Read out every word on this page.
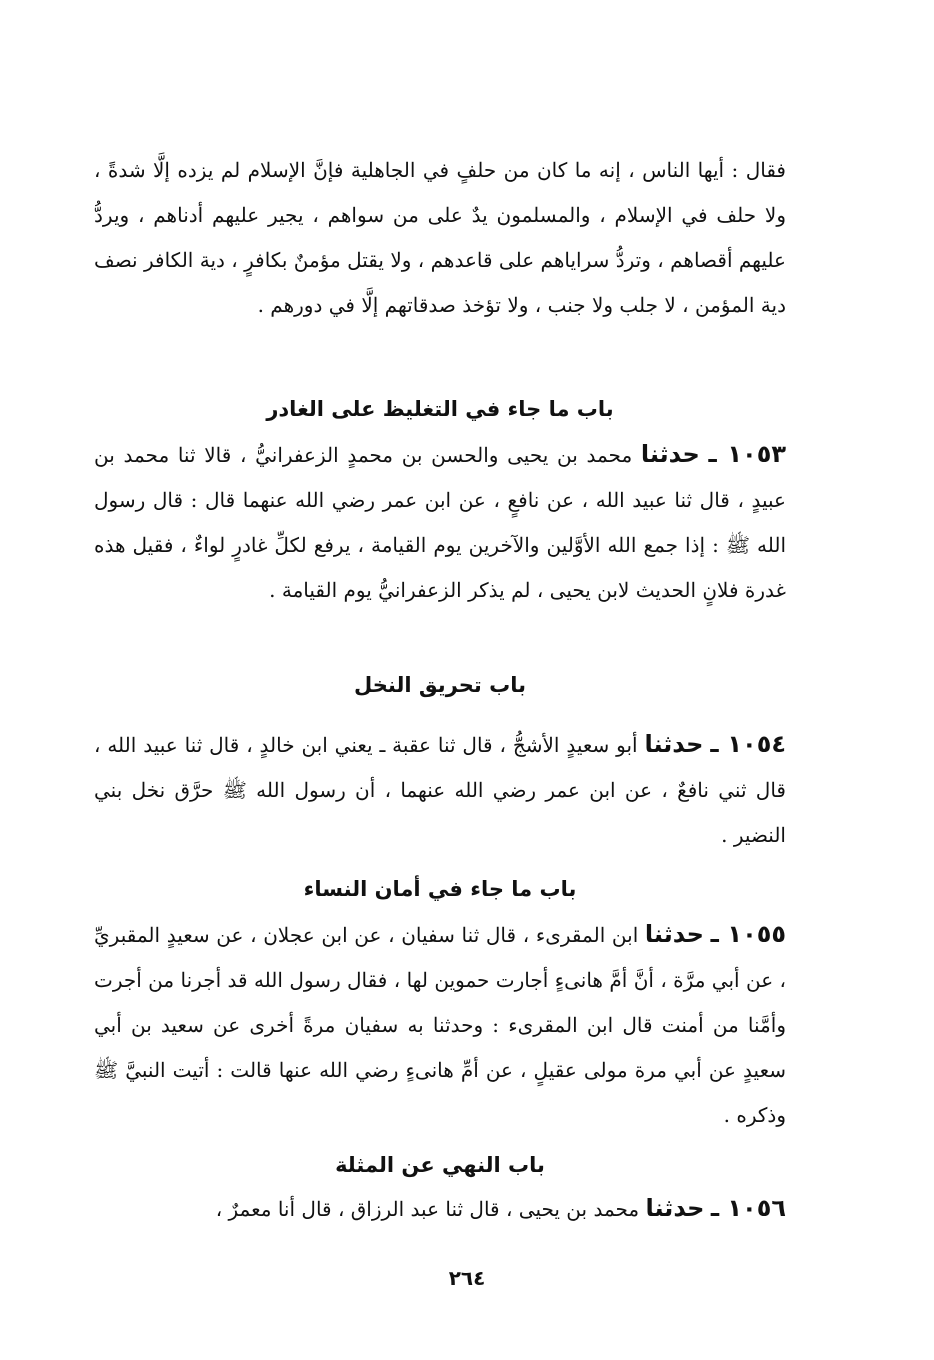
فقال : أيها الناس ، إنه ما كان من حلفٍ في الجاهلية فإنَّ الإسلام لم يزده إلَّا شدةً ، ولا حلف في الإسلام ، والمسلمون يدٌ على من سواهم ، يجير عليهم أدناهم ، ويردُّ عليهم أقصاهم ، وتردُّ سراياهم على قاعدهم ، ولا يقتل مؤمنٌ بكافرٍ ، دية الكافر نصف دية المؤمن ، لا جلب ولا جنب ، ولا تؤخذ صدقاتهم إلَّا في دورهم .
باب ما جاء في التغليظ على الغادر
١٠٥٣ ـ حدثنا محمد بن يحيى والحسن بن محمدٍ الزعفرانيُّ ، قالا ثنا محمد بن عبيدٍ ، قال ثنا عبيد الله ، عن نافعٍ ، عن ابن عمر رضي الله عنهما قال : قال رسول الله ﷺ : إذا جمع الله الأوَّلين والآخرين يوم القيامة ، يرفع لكلِّ غادرٍ لواءٌ ، فقيل هذه غدرة فلانٍ الحديث لابن يحيى ، لم يذكر الزعفرانيُّ يوم القيامة .
باب تحريق النخل
١٠٥٤ ـ حدثنا أبو سعيدٍ الأشجُّ ، قال ثنا عقبة ـ يعني ابن خالدٍ ، قال ثنا عبيد الله ، قال ثني نافعٌ ، عن ابن عمر رضي الله عنهما ، أن رسول الله ﷺ حرَّق نخل بني النضير .
باب ما جاء في أمان النساء
١٠٥٥ ـ حدثنا ابن المقرىء ، قال ثنا سفيان ، عن ابن عجلان ، عن سعيدٍ المقبريِّ ، عن أبي مرَّة ، أنَّ أمَّ هانىءٍ أجارت حموين لها ، فقال رسول الله قد أجرنا من أجرت وأمَّنا من أمنت قال ابن المقرىء : وحدثنا به سفيان مرةً أخرى عن سعيد بن أبي سعيدٍ عن أبي مرة مولى عقيلٍ ، عن أمِّ هانىءٍ رضي الله عنها قالت : أتيت النبيَّ ﷺ وذكره .
باب النهي عن المثلة
١٠٥٦ ـ حدثنا محمد بن يحيى ، قال ثنا عبد الرزاق ، قال أنا معمرٌ ،
٢٦٤
